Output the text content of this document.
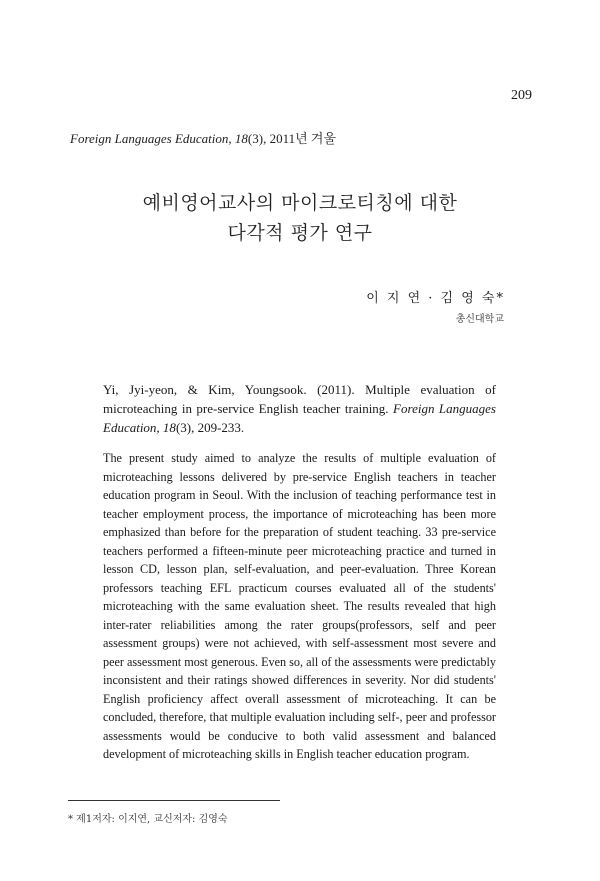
209
Foreign Languages Education, 18(3), 2011년 겨울
예비영어교사의 마이크로티칭에 대한
다각적 평가 연구
이 지 연 · 김 영 숙*
총신대학교
Yi, Jyi-yeon, & Kim, Youngsook. (2011). Multiple evaluation of microteaching in pre-service English teacher training. Foreign Languages Education, 18(3), 209-233.
The present study aimed to analyze the results of multiple evaluation of microteaching lessons delivered by pre-service English teachers in teacher education program in Seoul. With the inclusion of teaching performance test in teacher employment process, the importance of microteaching has been more emphasized than before for the preparation of student teaching. 33 pre-service teachers performed a fifteen-minute peer microteaching practice and turned in lesson CD, lesson plan, self-evaluation, and peer-evaluation. Three Korean professors teaching EFL practicum courses evaluated all of the students' microteaching with the same evaluation sheet. The results revealed that high inter-rater reliabilities among the rater groups(professors, self and peer assessment groups) were not achieved, with self-assessment most severe and peer assessment most generous. Even so, all of the assessments were predictably inconsistent and their ratings showed differences in severity. Nor did students' English proficiency affect overall assessment of microteaching. It can be concluded, therefore, that multiple evaluation including self-, peer and professor assessments would be conducive to both valid assessment and balanced development of microteaching skills in English teacher education program.
* 제1저자: 이지연, 교신저자: 김영숙
